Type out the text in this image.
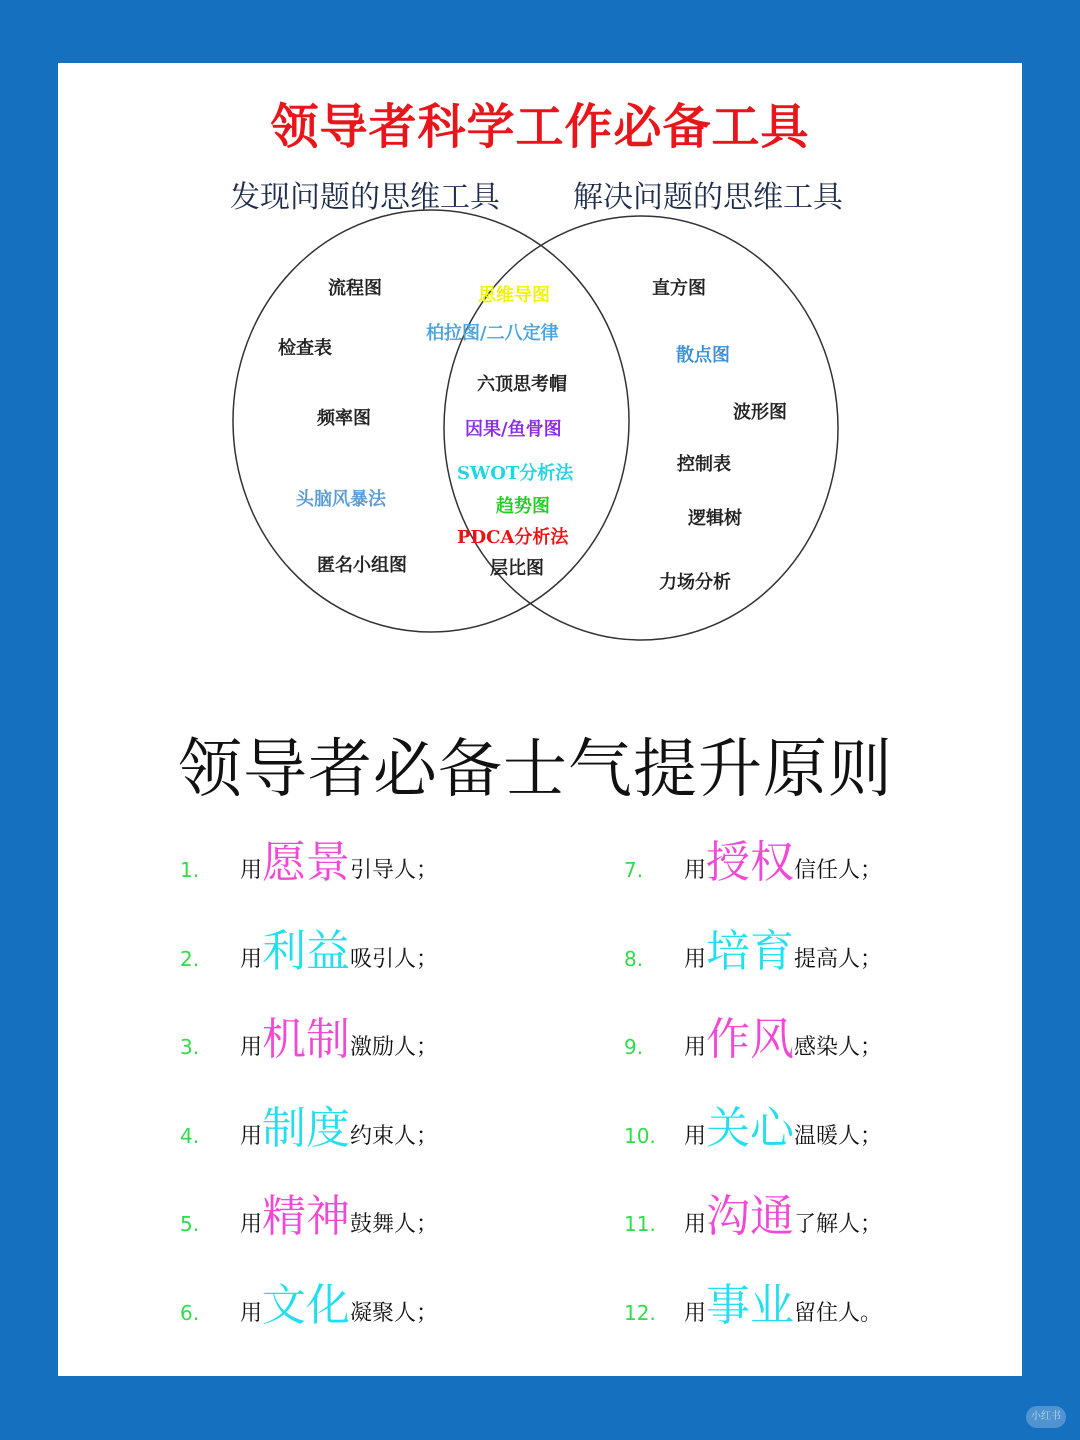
领导者科学工作必备工具
发现问题的思维工具 解决问题的思维工具
流程图
检查表
频率图
头脑风暴法
匿名小组图
思维导图
柏拉图/二八定律
六顶思考帽
因果/鱼骨图
SWOT分析法
趋势图
PDCA分析法
层比图
直方图
散点图
波形图
控制表
逻辑树
力场分析
领导者必备士气提升原则
1.	用 愿景 引导人；
2.	用 利益 吸引人；
3.	用 机制 激励人；
4.	用 制度 约束人；
5.	用 精神 鼓舞人；
6.	用 文化 凝聚人；
7.	用 授权 信任人；
8.	用 培育 提高人；
9.	用 作风 感染人；
10.	用 关心 温暖人；
11.	用 沟通 了解人；
12.	用 事业 留住人。
小红书
